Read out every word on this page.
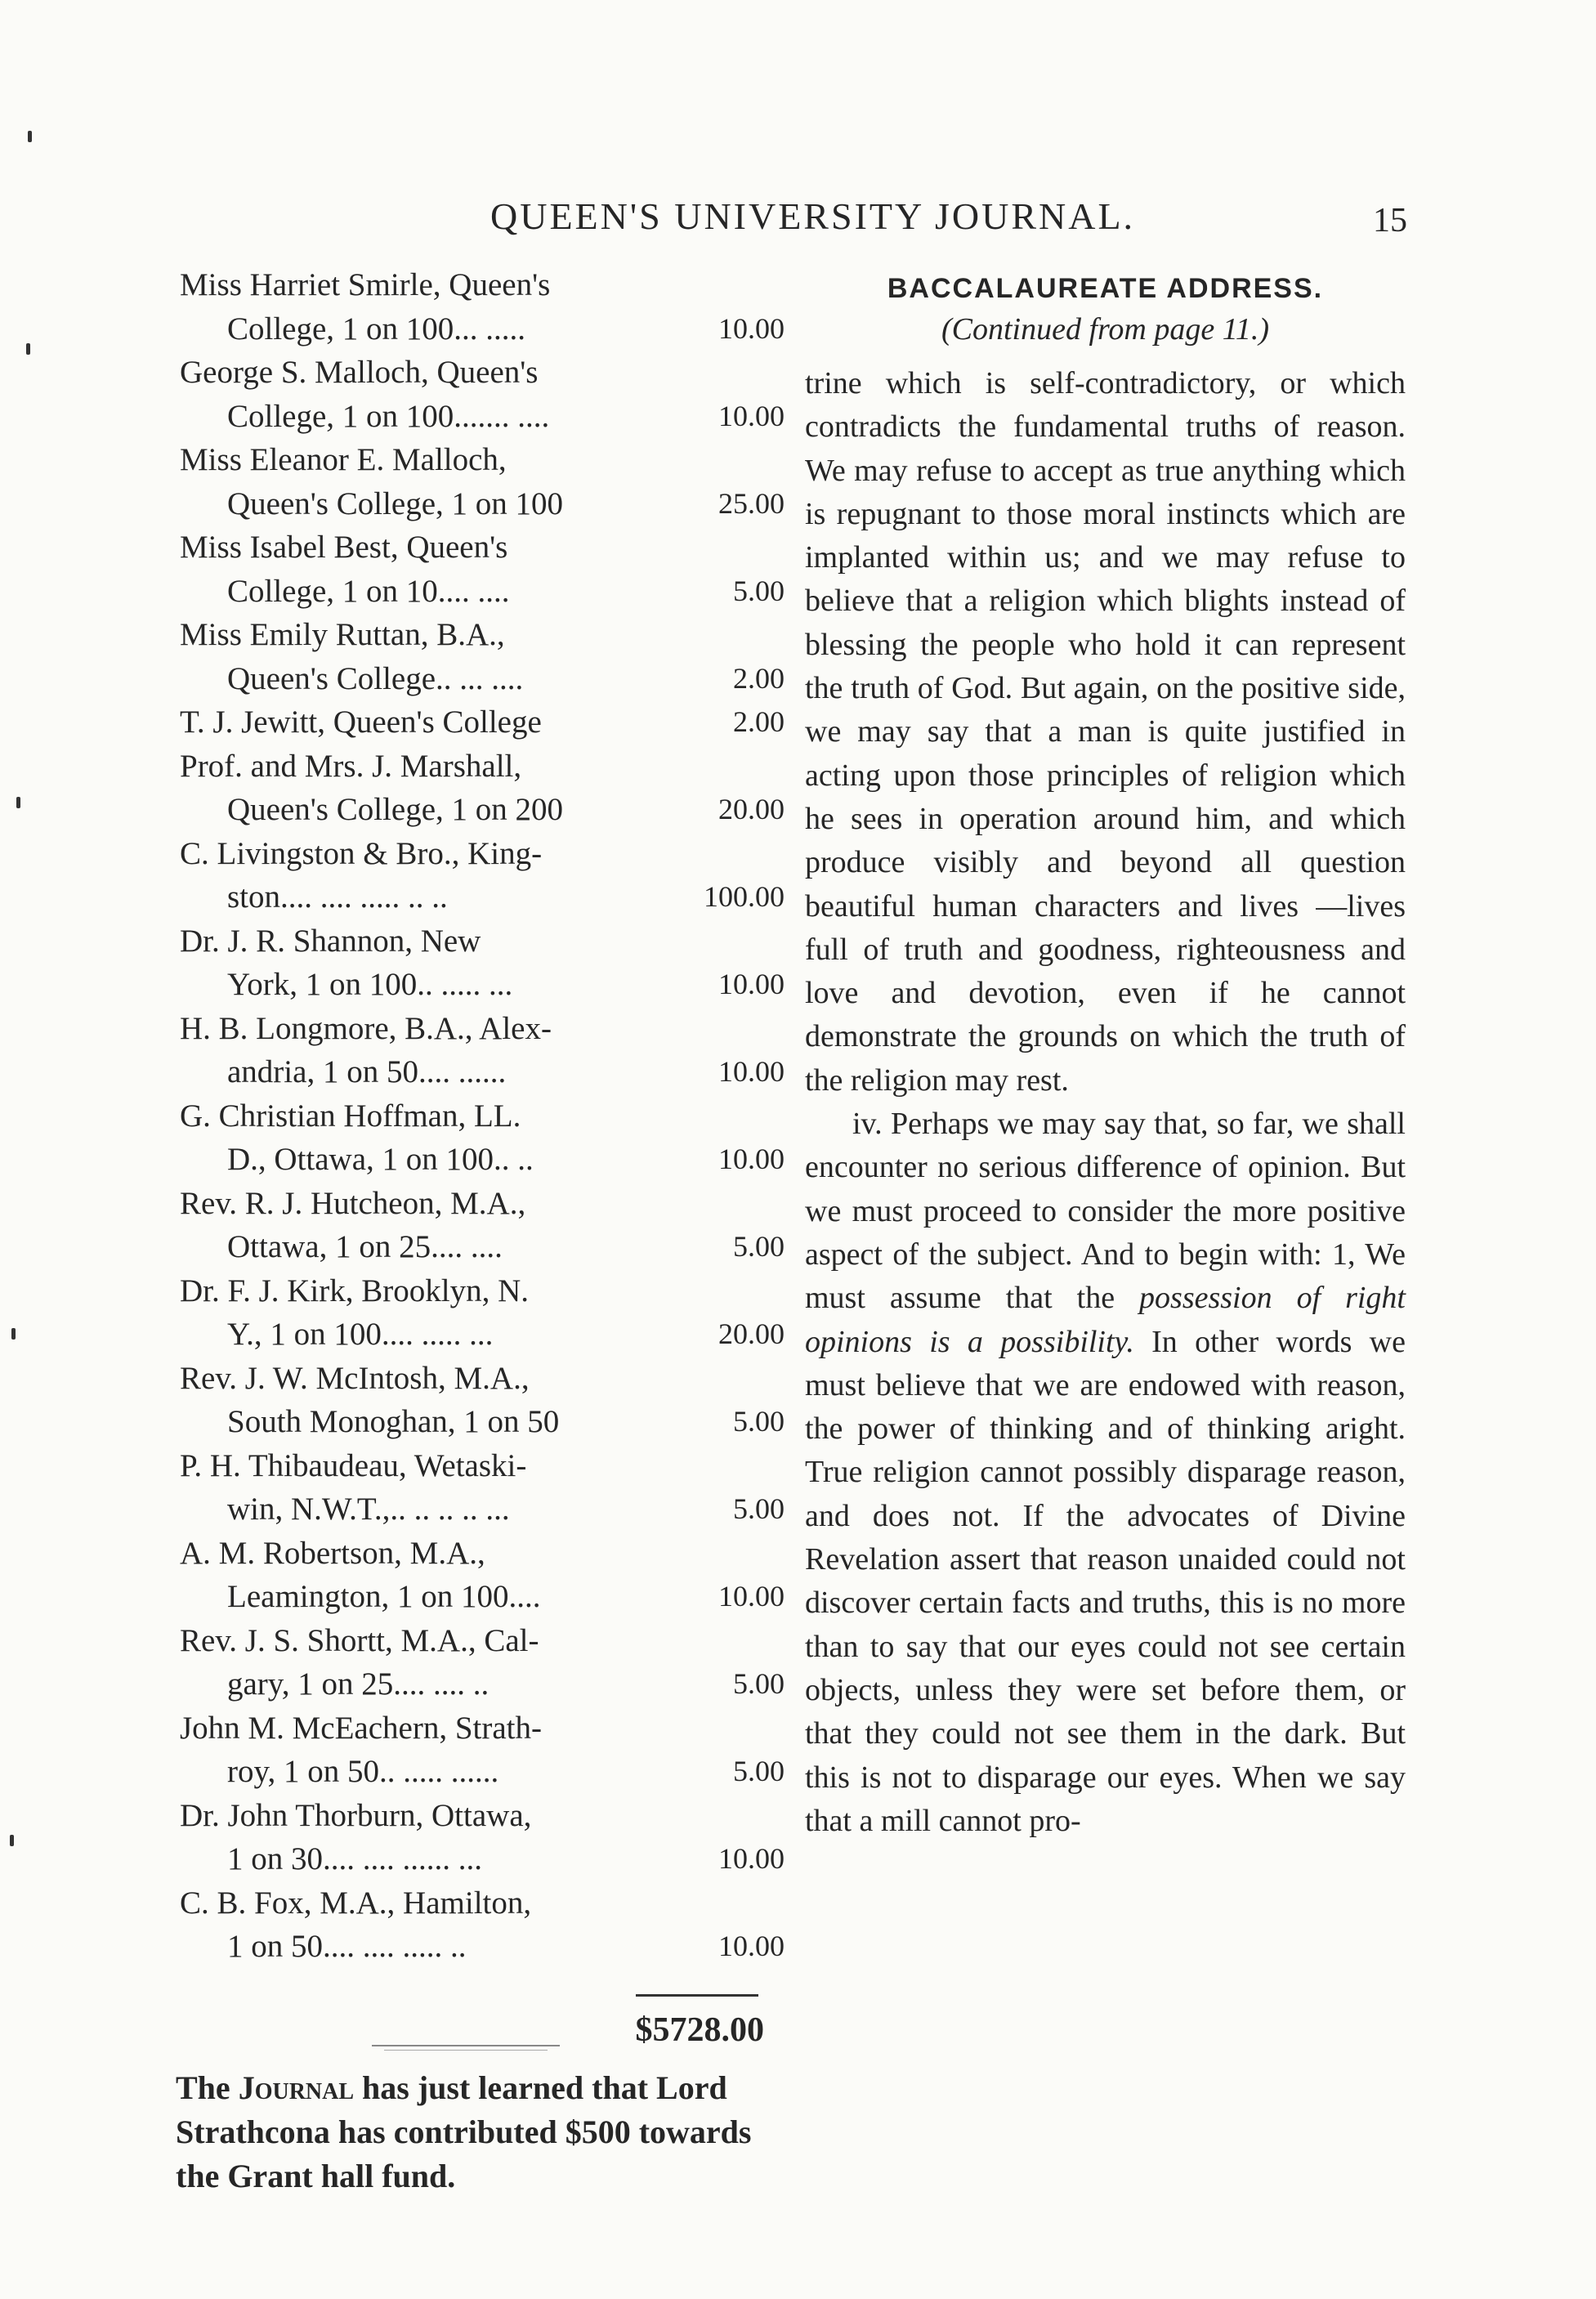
QUEEN'S UNIVERSITY JOURNAL.	15
Miss Harriet Smirle, Queen's
College, 1 on 100... .....	10.00
George S. Malloch, Queen's
College, 1 on 100....... ....	10.00
Miss Eleanor E. Malloch,
Queen's College, 1 on 100	25.00
Miss Isabel Best, Queen's
College, 1 on 10.... ....	5.00
Miss Emily Ruttan, B.A.,
Queen's College.. ... ....	2.00
T. J. Jewitt, Queen's College	2.00
Prof. and Mrs. J. Marshall,
Queen's College, 1 on 200	20.00
C. Livingston & Bro., King-
ston.... .... ..... .. ..	100.00
Dr. J. R. Shannon, New
York, 1 on 100.. ..... ...	10.00
H. B. Longmore, B.A., Alex-
andria, 1 on 50.... ......	10.00
G. Christian Hoffman, LL.
D., Ottawa, 1 on 100.. ..	10.00
Rev. R. J. Hutcheon, M.A.,
Ottawa, 1 on 25.... ....	5.00
Dr. F. J. Kirk, Brooklyn, N.
Y., 1 on 100.... ..... ...	20.00
Rev. J. W. McIntosh, M.A.,
South Monoghan, 1 on 50	5.00
P. H. Thibaudeau, Wetaski-
win, N.W.T.,.. .. .. .. ...	5.00
A. M. Robertson, M.A.,
Leamington, 1 on 100....	10.00
Rev. J. S. Shortt, M.A., Cal-
gary, 1 on 25.... .... ..	5.00
John M. McEachern, Strath-
roy, 1 on 50.. ..... ......	5.00
Dr. John Thorburn, Ottawa,
1 on 30.... .... ...... ...	10.00
C. B. Fox, M.A., Hamilton,
1 on 50.... .... ..... ..	10.00
$5728.00
The Journal has just learned that Lord Strathcona has contributed $500 towards the Grant hall fund.
BACCALAUREATE ADDRESS.
(Continued from page 11.)

trine which is self-contradictory, or which contradicts the fundamental truths of reason. We may refuse to accept as true anything which is repugnant to those moral instincts which are implanted within us; and we may refuse to believe that a religion which blights instead of blessing the people who hold it can represent the truth of God. But again, on the positive side, we may say that a man is quite justified in acting upon those principles of religion which he sees in operation around him, and which produce visibly and beyond all question beautiful human characters and lives —lives full of truth and goodness, righteousness and love and devotion, even if he cannot demonstrate the grounds on which the truth of the religion may rest.

iv. Perhaps we may say that, so far, we shall encounter no serious difference of opinion. But we must proceed to consider the more positive aspect of the subject. And to begin with: 1, We must assume that the possession of right opinions is a possibility. In other words we must believe that we are endowed with reason, the power of thinking and of thinking aright. True religion cannot possibly disparage reason, and does not. If the advocates of Divine Revelation assert that reason unaided could not discover certain facts and truths, this is no more than to say that our eyes could not see certain objects, unless they were set before them, or that they could not see them in the dark. But this is not to disparage our eyes. When we say that a mill cannot pro-
